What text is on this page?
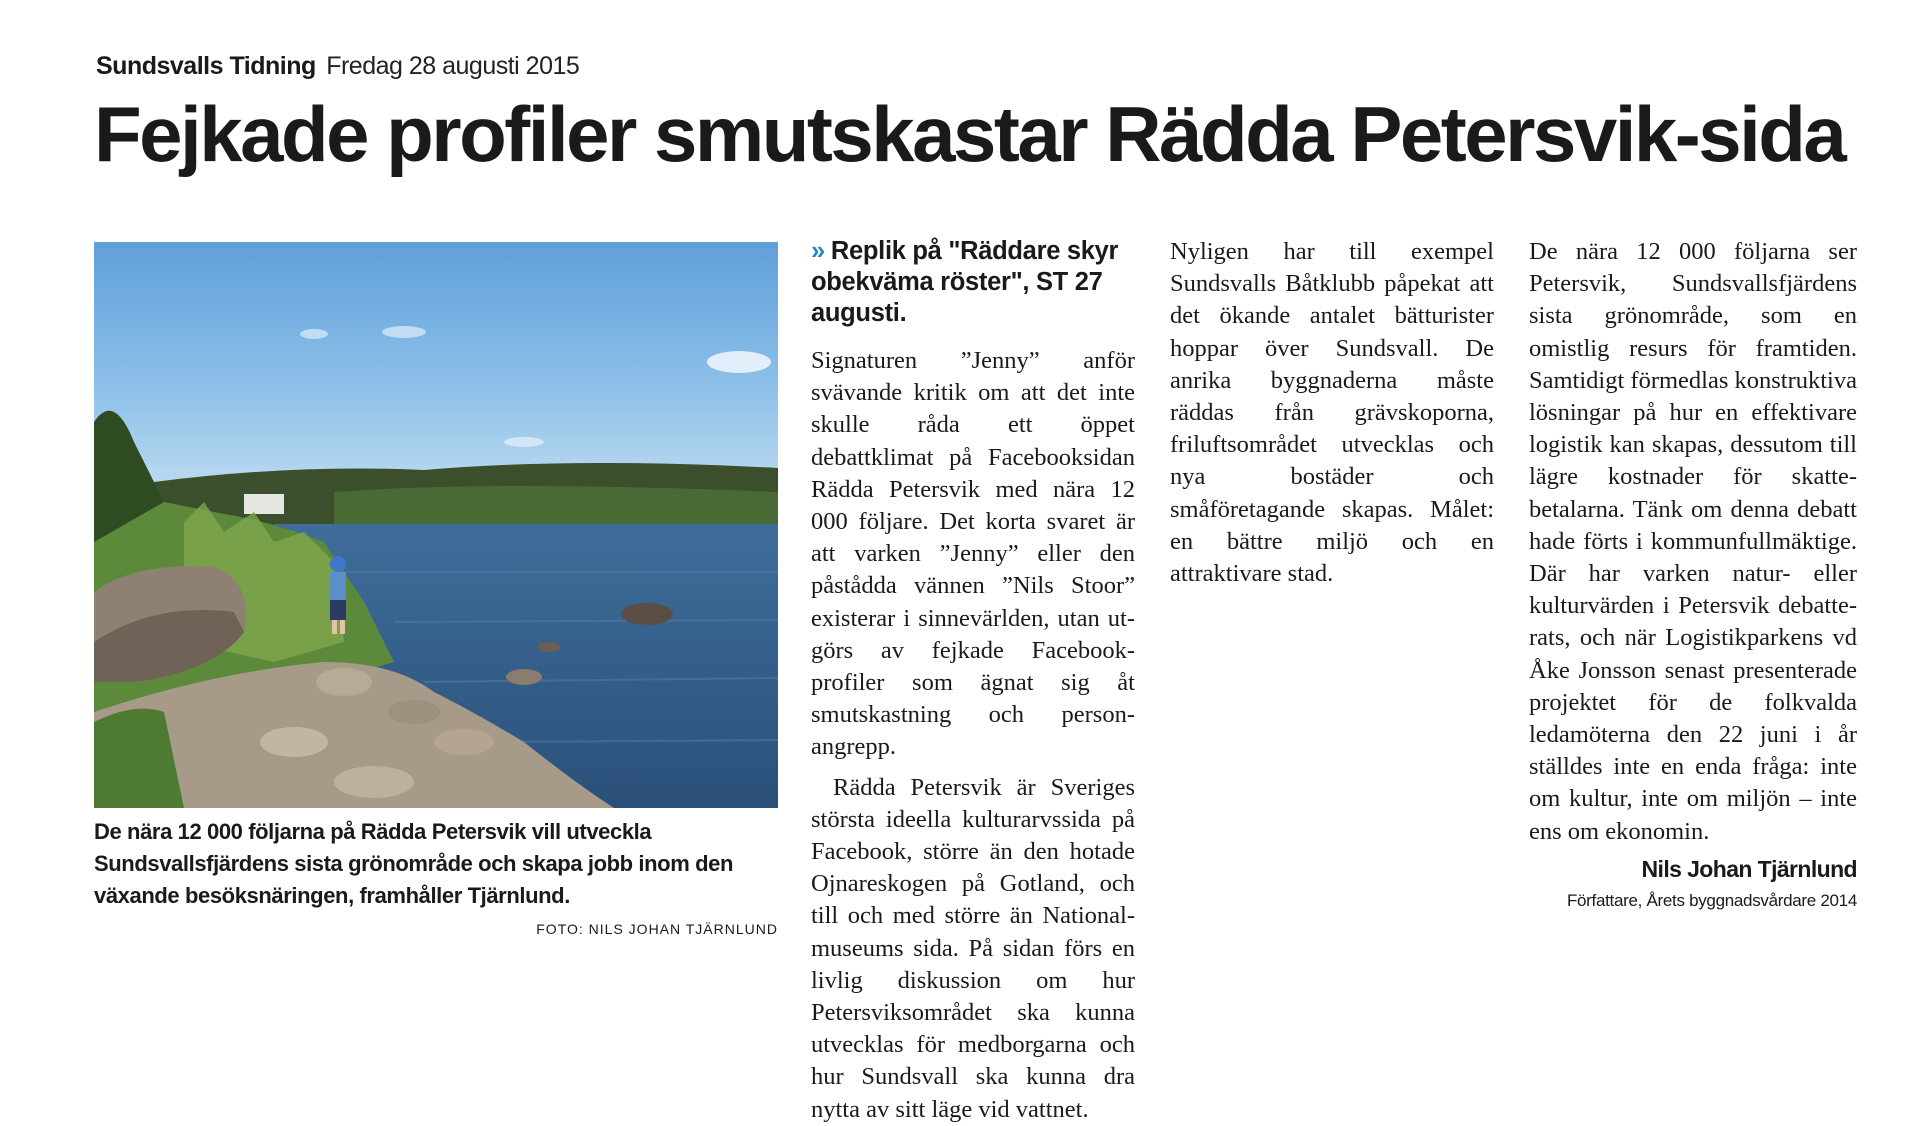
Sundsvalls Tidning Fredag 28 augusti 2015
Fejkade profiler smutskastar Rädda Petersvik-sida

De nära 12 000 följarna på Rädda Petersvik vill utveckla Sundsvallsfjärdens sista grönområde och skapa jobb inom den växande besöksnäringen, framhåller Tjärnlund.

FOTO: NILS JOHAN TJÄRNLUND
» Replik på "Räddare skyr obekväma röster", ST 27 augusti.

Signaturen ”Jenny” anför svävande kritik om att det inte skulle råda ett öppet debattklimat på Facebooksidan Rädda Petersvik med nära 12 000 följare. Det korta svaret är att varken ”Jenny” eller den påstådda vännen ”Nils Stoor” existerar i sinnevärlden, utan utgörs av fejkade Facebookprofiler som ägnat sig åt smutskastning och personangrepp.

Rädda Petersvik är Sveriges största ideella kulturarvssida på Facebook, större än den hotade Ojnareskogen på Gotland, och till och med större än Nationalmuseums sida. På sidan förs en livlig diskussion om hur Petersviksområdet ska kunna utvecklas för medborgarna och hur Sundsvall ska kunna dra nytta av sitt läge vid vattnet.

Nyligen har till exempel Sundsvalls Båtklubb påpekat att det ökande antalet bätturister hoppar över Sundsvall. De anrika byggnaderna måste räddas från grävskoporna, friluftsområdet utvecklas och nya bostäder och småföretagande skapas. Målet: en bättre miljö och en attraktivare stad.

De nära 12 000 följarna ser Petersvik, Sundsvallsfjärdens sista grönområde, som en omistlig resurs för framtiden. Samtidigt förmedlas konstruktiva lösningar på hur en effektivare logistik kan skapas, dessutom till lägre kostnader för skattebetalarna. Tänk om denna debatt hade förts i kommunfullmäktige. Där har varken natur- eller kulturvärden i Petersvik debatterats, och när Logistikparkens vd Åke Jonsson senast presenterade projektet för de folkvalda ledamöterna den 22 juni i år ställdes inte en enda fråga: inte om kultur, inte om miljön – inte ens om ekonomin.

Nils Johan Tjärnlund
Författare, Årets byggnadsvårdare 2014
